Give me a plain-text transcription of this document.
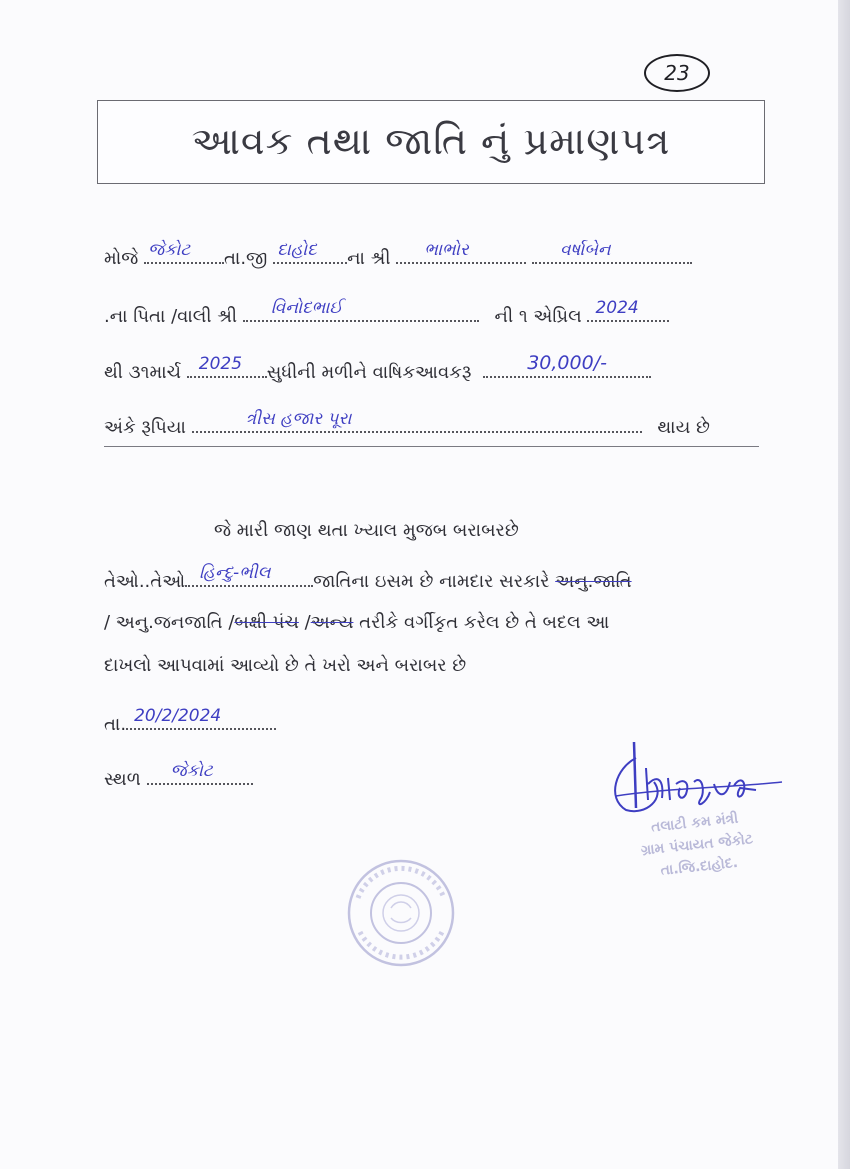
23
આવક તથા જાતિ નું પ્રમાણપત્ર
મોજે જેકોટ તા.જી દાહોદ ના શ્રી ભાભોર
	વર્ષાબેન
.ના પિતા /વાલી શ્રી વિનોદભાઈ	ની ૧ એપ્રિલ 2024
થી ૩૧માર્ચ 2025 સુધીની મળીને વાષિકઆવકરૂ	30,000/-
અંકે રૂપિયા	ત્રીસ હજાર પૂરા	થાય છે
જે મારી જાણ થતા ખ્યાલ મુજબ બરાબરછે
તેઓ..તેઓ હિન્દુ-ભીલ જાતિના ઇસમ છે નામદાર સરકારે અનુ.જાતિ
/ અનુ.જનજાતિ /બક્ષી પંચ /અન્ય તરીકે વર્ગીકૃત કરેલ છે તે બદલ આ
દાખલો આપવામાં આવ્યો છે તે ખરો અને બરાબર છે
તા. 20/2/2024
સ્થળ જેકોટ
તલાટી કમ મંત્રી
ગ્રામ પંચાયત જેકોટ
તા.જિ.દાહોદ.
